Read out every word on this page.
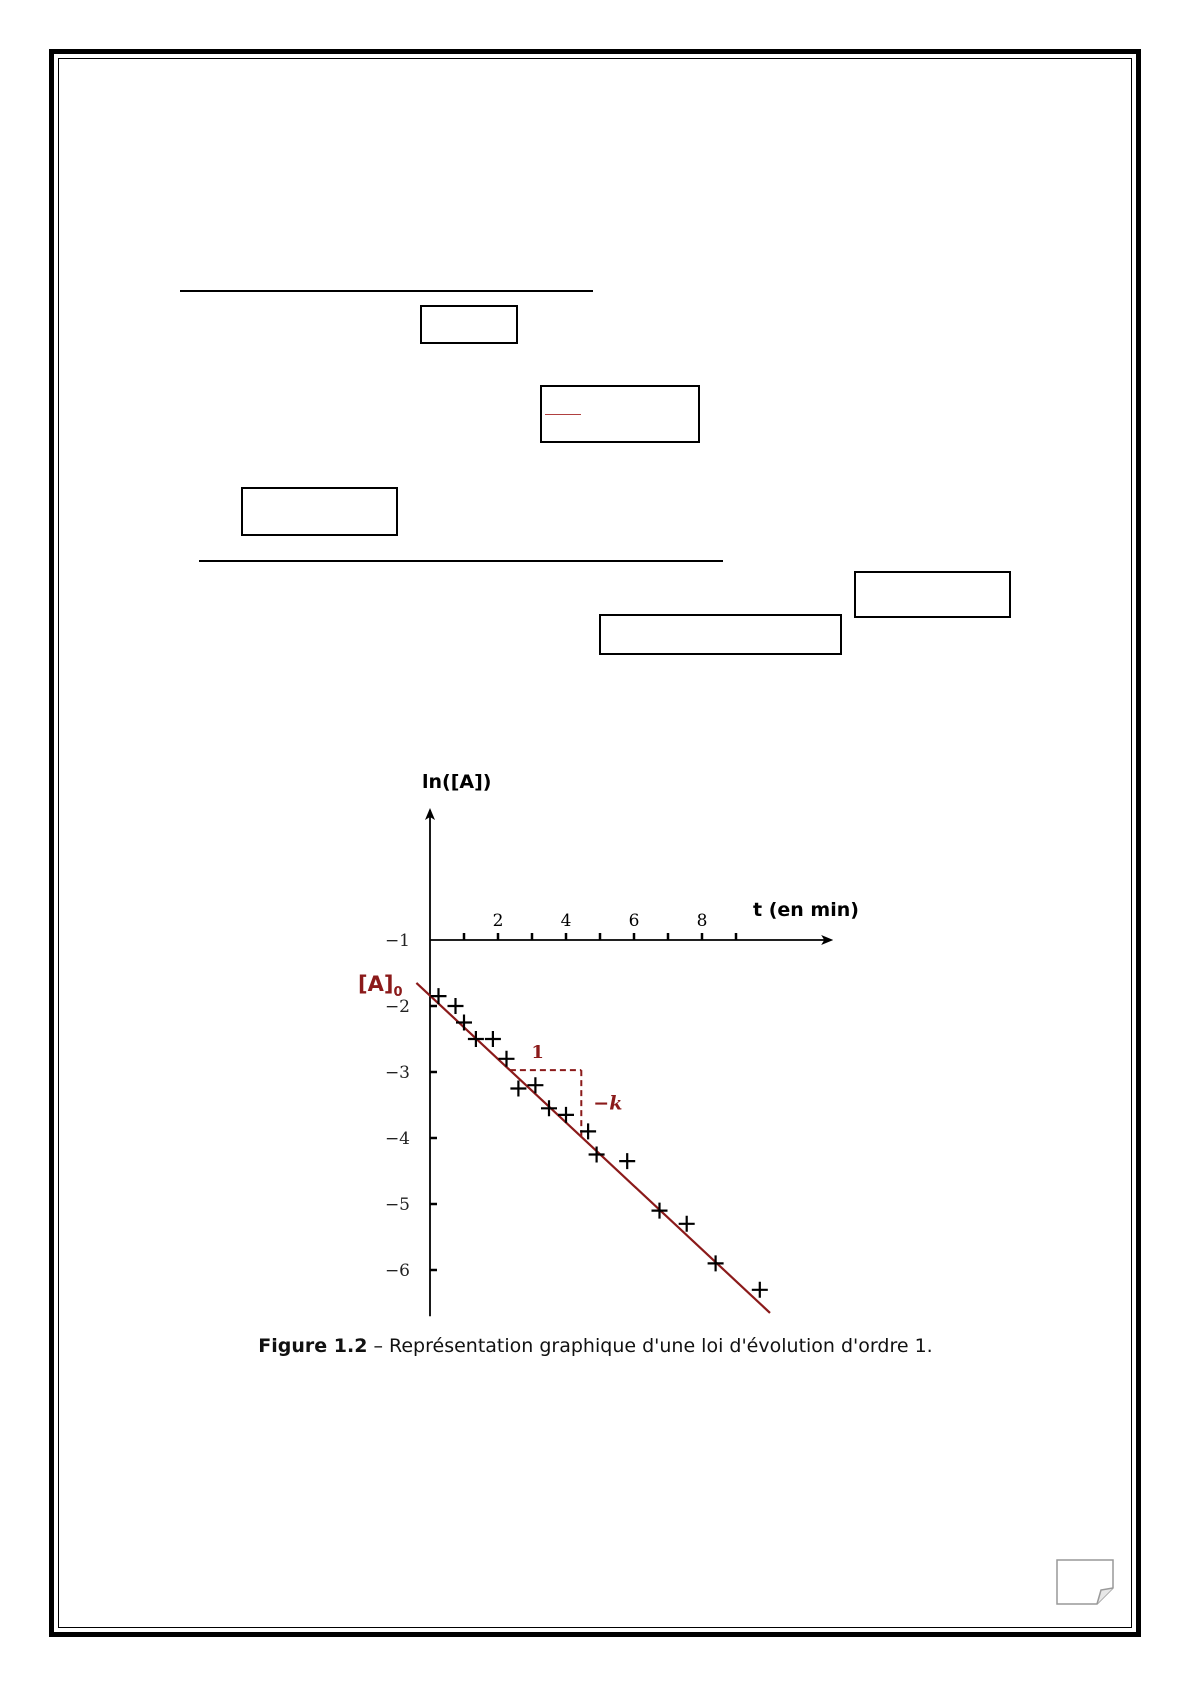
ln([A])
t (en min)
2	4	6	8
−1
−2
−3
−4
−5
−6
$[A]_0$
1
−k
Figure 1.2 – Représentation graphique d'une loi d'évolution d'ordre 1.
